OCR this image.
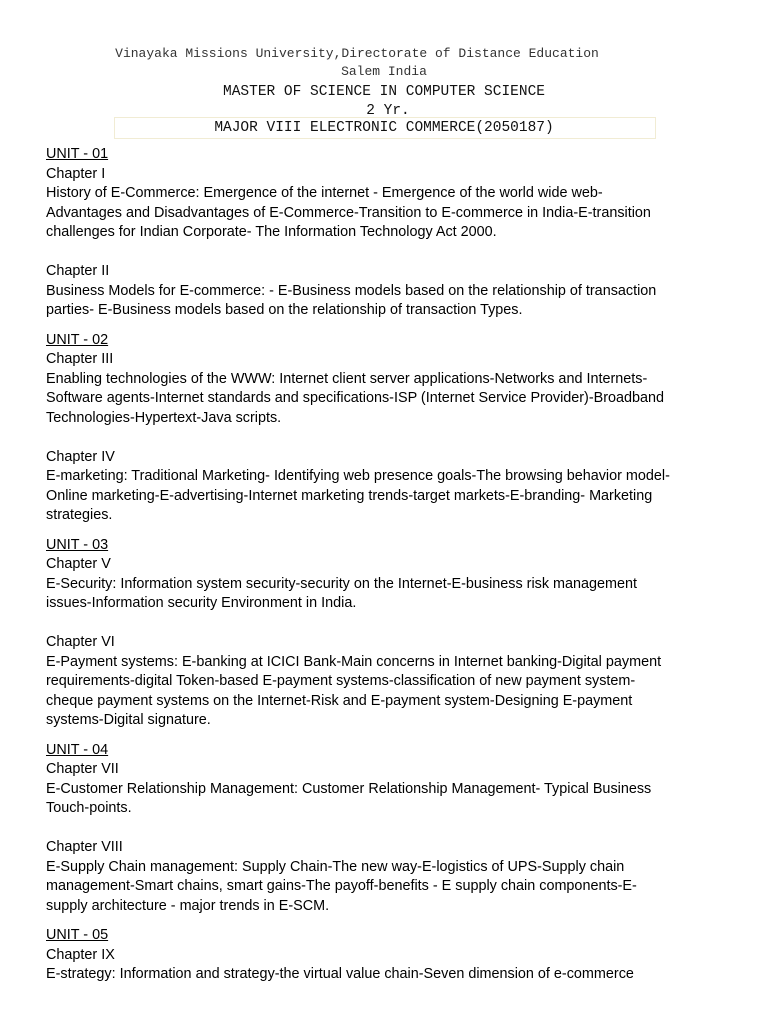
Vinayaka Missions University,Directorate of Distance Education
Salem India
MASTER OF SCIENCE IN COMPUTER SCIENCE
2 Yr.
MAJOR VIII ELECTRONIC COMMERCE(2050187)
UNIT - 01
Chapter I
History of E-Commerce: Emergence of the internet - Emergence of the world wide web-
Advantages and Disadvantages of E-Commerce-Transition to E-commerce in India-E-transition
challenges for Indian Corporate- The Information Technology Act 2000.
Chapter II
Business Models for E-commerce: - E-Business models based on the relationship of transaction
parties- E-Business models based on the relationship of transaction Types.
UNIT - 02
Chapter III
Enabling technologies of the WWW: Internet client server applications-Networks and Internets-
Software agents-Internet standards and specifications-ISP (Internet Service Provider)-Broadband
Technologies-Hypertext-Java scripts.
Chapter IV
E-marketing: Traditional Marketing- Identifying web presence goals-The browsing behavior model-
Online marketing-E-advertising-Internet marketing trends-target markets-E-branding- Marketing
strategies.
UNIT - 03
Chapter V
E-Security: Information system security-security on the Internet-E-business risk management
issues-Information security Environment in India.
Chapter VI
E-Payment systems: E-banking at ICICI Bank-Main concerns in Internet banking-Digital payment
requirements-digital Token-based E-payment systems-classification of new payment system-
cheque payment systems on the Internet-Risk and E-payment system-Designing E-payment
systems-Digital signature.
UNIT - 04
Chapter VII
E-Customer Relationship Management: Customer Relationship Management- Typical Business
Touch-points.
Chapter VIII
E-Supply Chain management: Supply Chain-The new way-E-logistics of UPS-Supply chain
management-Smart chains, smart gains-The payoff-benefits - E supply chain components-E-
supply architecture - major trends in E-SCM.
UNIT - 05
Chapter IX
E-strategy: Information and strategy-the virtual value chain-Seven dimension of e-commerce
